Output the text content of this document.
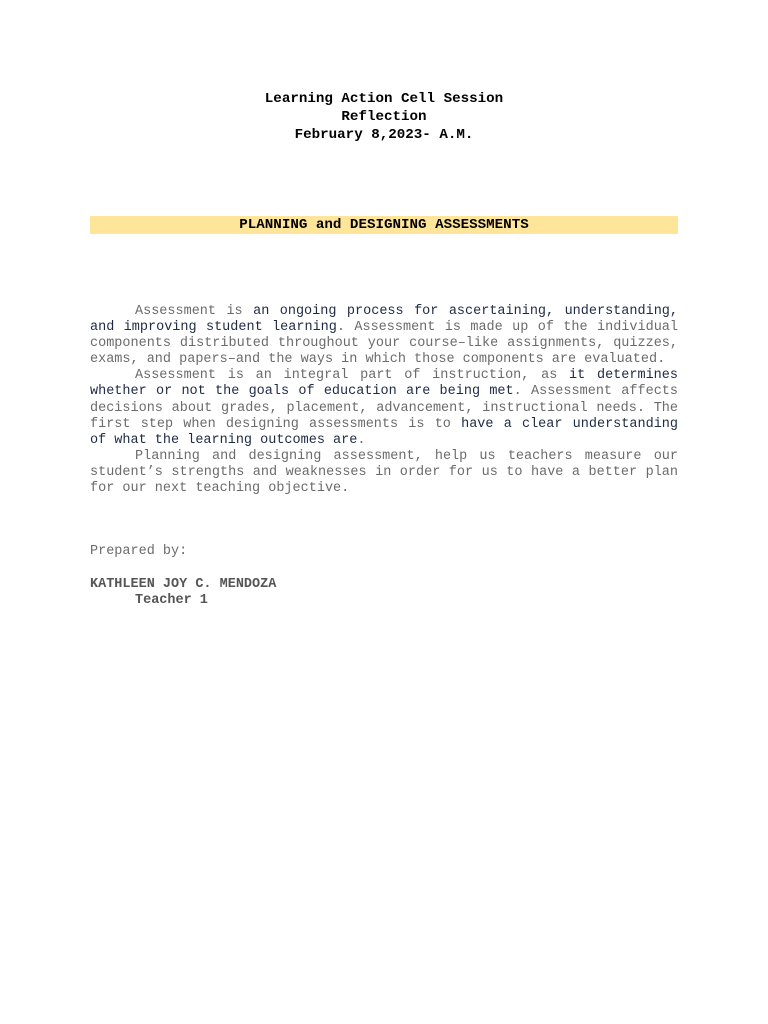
Learning Action Cell Session
Reflection
February 8,2023- A.M.
PLANNING and DESIGNING ASSESSMENTS

Assessment is an ongoing process for ascertaining, understanding, and improving student learning. Assessment is made up of the individual components distributed throughout your course–like assignments, quizzes, exams, and papers–and the ways in which those components are evaluated.

Assessment is an integral part of instruction, as it determines whether or not the goals of education are being met. Assessment affects decisions about grades, placement, advancement, instructional needs. The first step when designing assessments is to have a clear understanding of what the learning outcomes are.

Planning and designing assessment, help us teachers measure our student’s strengths and weaknesses in order for us to have a better plan for our next teaching objective.

Prepared by:
KATHLEEN JOY C. MENDOZA
Teacher 1
